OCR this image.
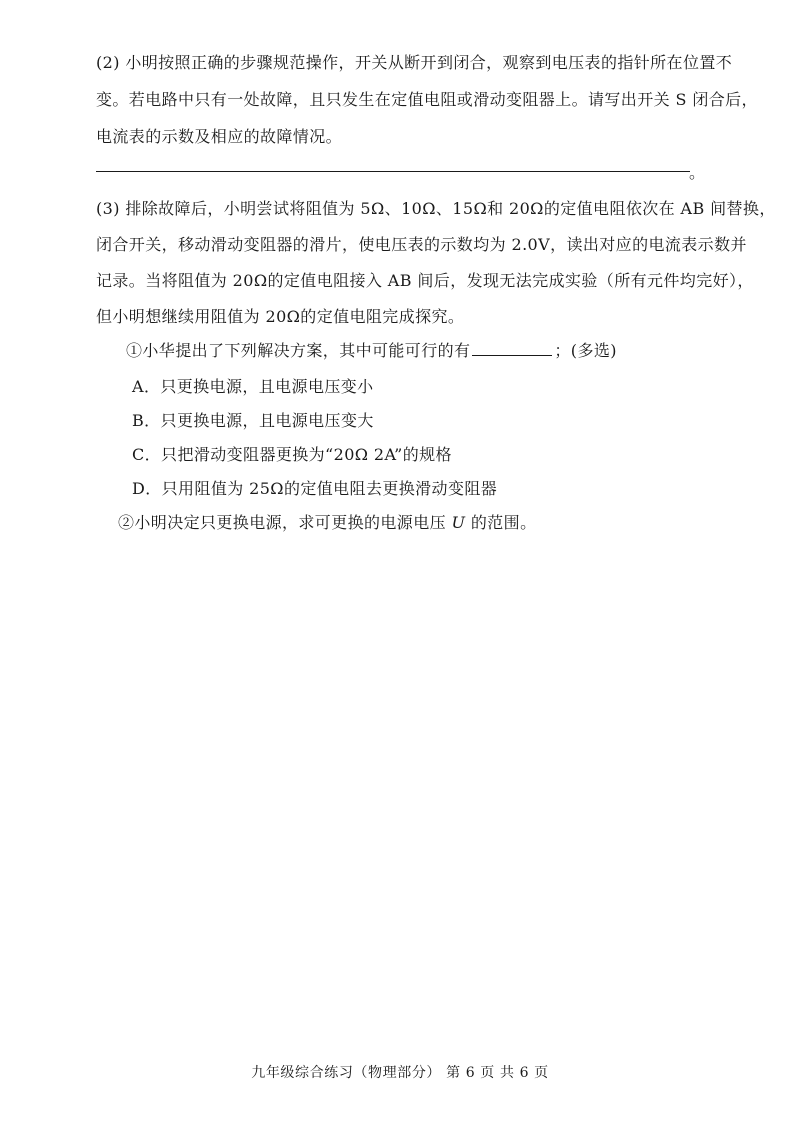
(2) 小明按照正确的步骤规范操作，开关从断开到闭合，观察到电压表的指针所在位置不
变。若电路中只有一处故障，且只发生在定值电阻或滑动变阻器上。请写出开关 S 闭合后，
电流表的示数及相应的故障情况。
。
(3) 排除故障后，小明尝试将阻值为 5Ω、10Ω、15Ω和 20Ω的定值电阻依次在 AB 间替换，
闭合开关，移动滑动变阻器的滑片，使电压表的示数均为 2.0V，读出对应的电流表示数并
记录。当将阻值为 20Ω的定值电阻接入 AB 间后，发现无法完成实验（所有元件均完好），
但小明想继续用阻值为 20Ω的定值电阻完成探究。
①小华提出了下列解决方案，其中可能可行的有	；(多选)
A．只更换电源，且电源电压变小
B．只更换电源，且电源电压变大
C．只把滑动变阻器更换为“20Ω 2A”的规格
D．只用阻值为 25Ω的定值电阻去更换滑动变阻器
②小明决定只更换电源，求可更换的电源电压 U 的范围。
九年级综合练习（物理部分） 第 6 页 共 6 页
